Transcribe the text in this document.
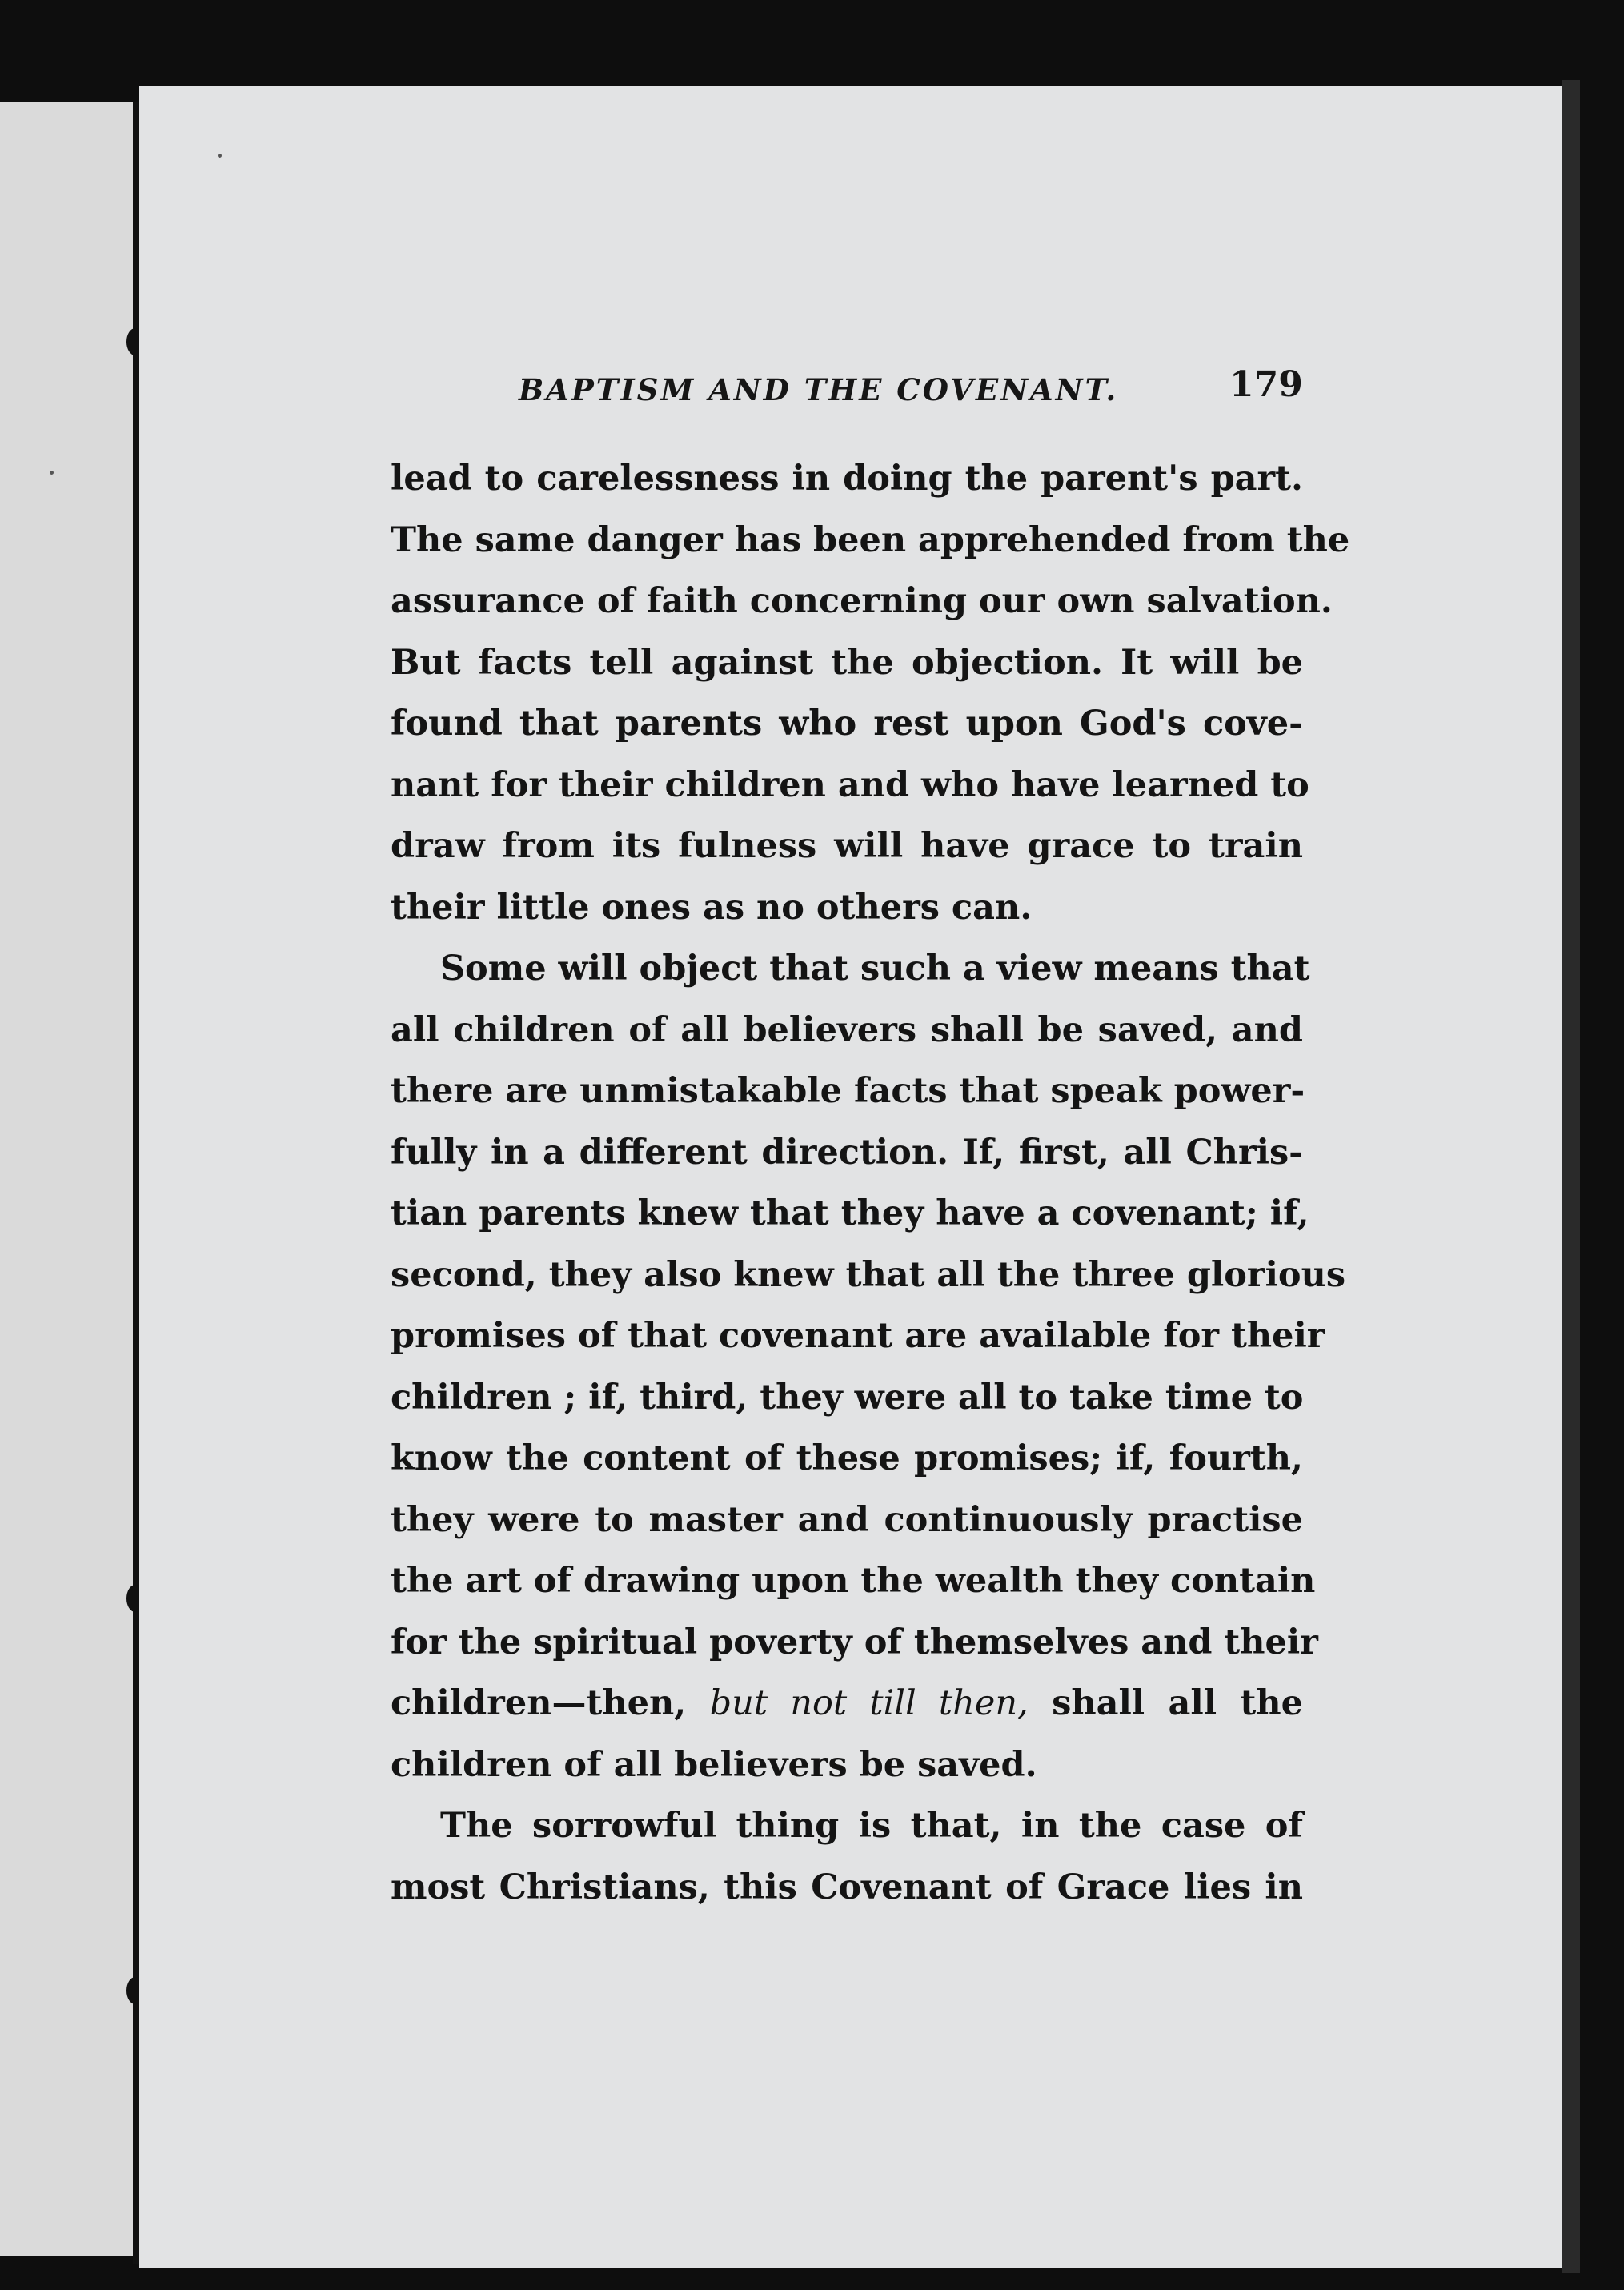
BAPTISM AND THE COVENANT.	179
lead to carelessness in doing the parent's part.
The same danger has been apprehended from the
assurance of faith concerning our own salvation.
But facts tell against the objection. It will be
found that parents who rest upon God's cove-
nant for their children and who have learned to
draw from its fulness will have grace to train
their little ones as no others can.
Some will object that such a view means that
all children of all believers shall be saved, and
there are unmistakable facts that speak power-
fully in a different direction. If, first, all Chris-
tian parents knew that they have a covenant; if,
second, they also knew that all the three glorious
promises of that covenant are available for their
children ; if, third, they were all to take time to
know the content of these promises; if, fourth,
they were to master and continuously practise
the art of drawing upon the wealth they contain
for the spiritual poverty of themselves and their
children—then, but not till then, shall all the
children of all believers be saved.
The sorrowful thing is that, in the case of
most Christians, this Covenant of Grace lies in
